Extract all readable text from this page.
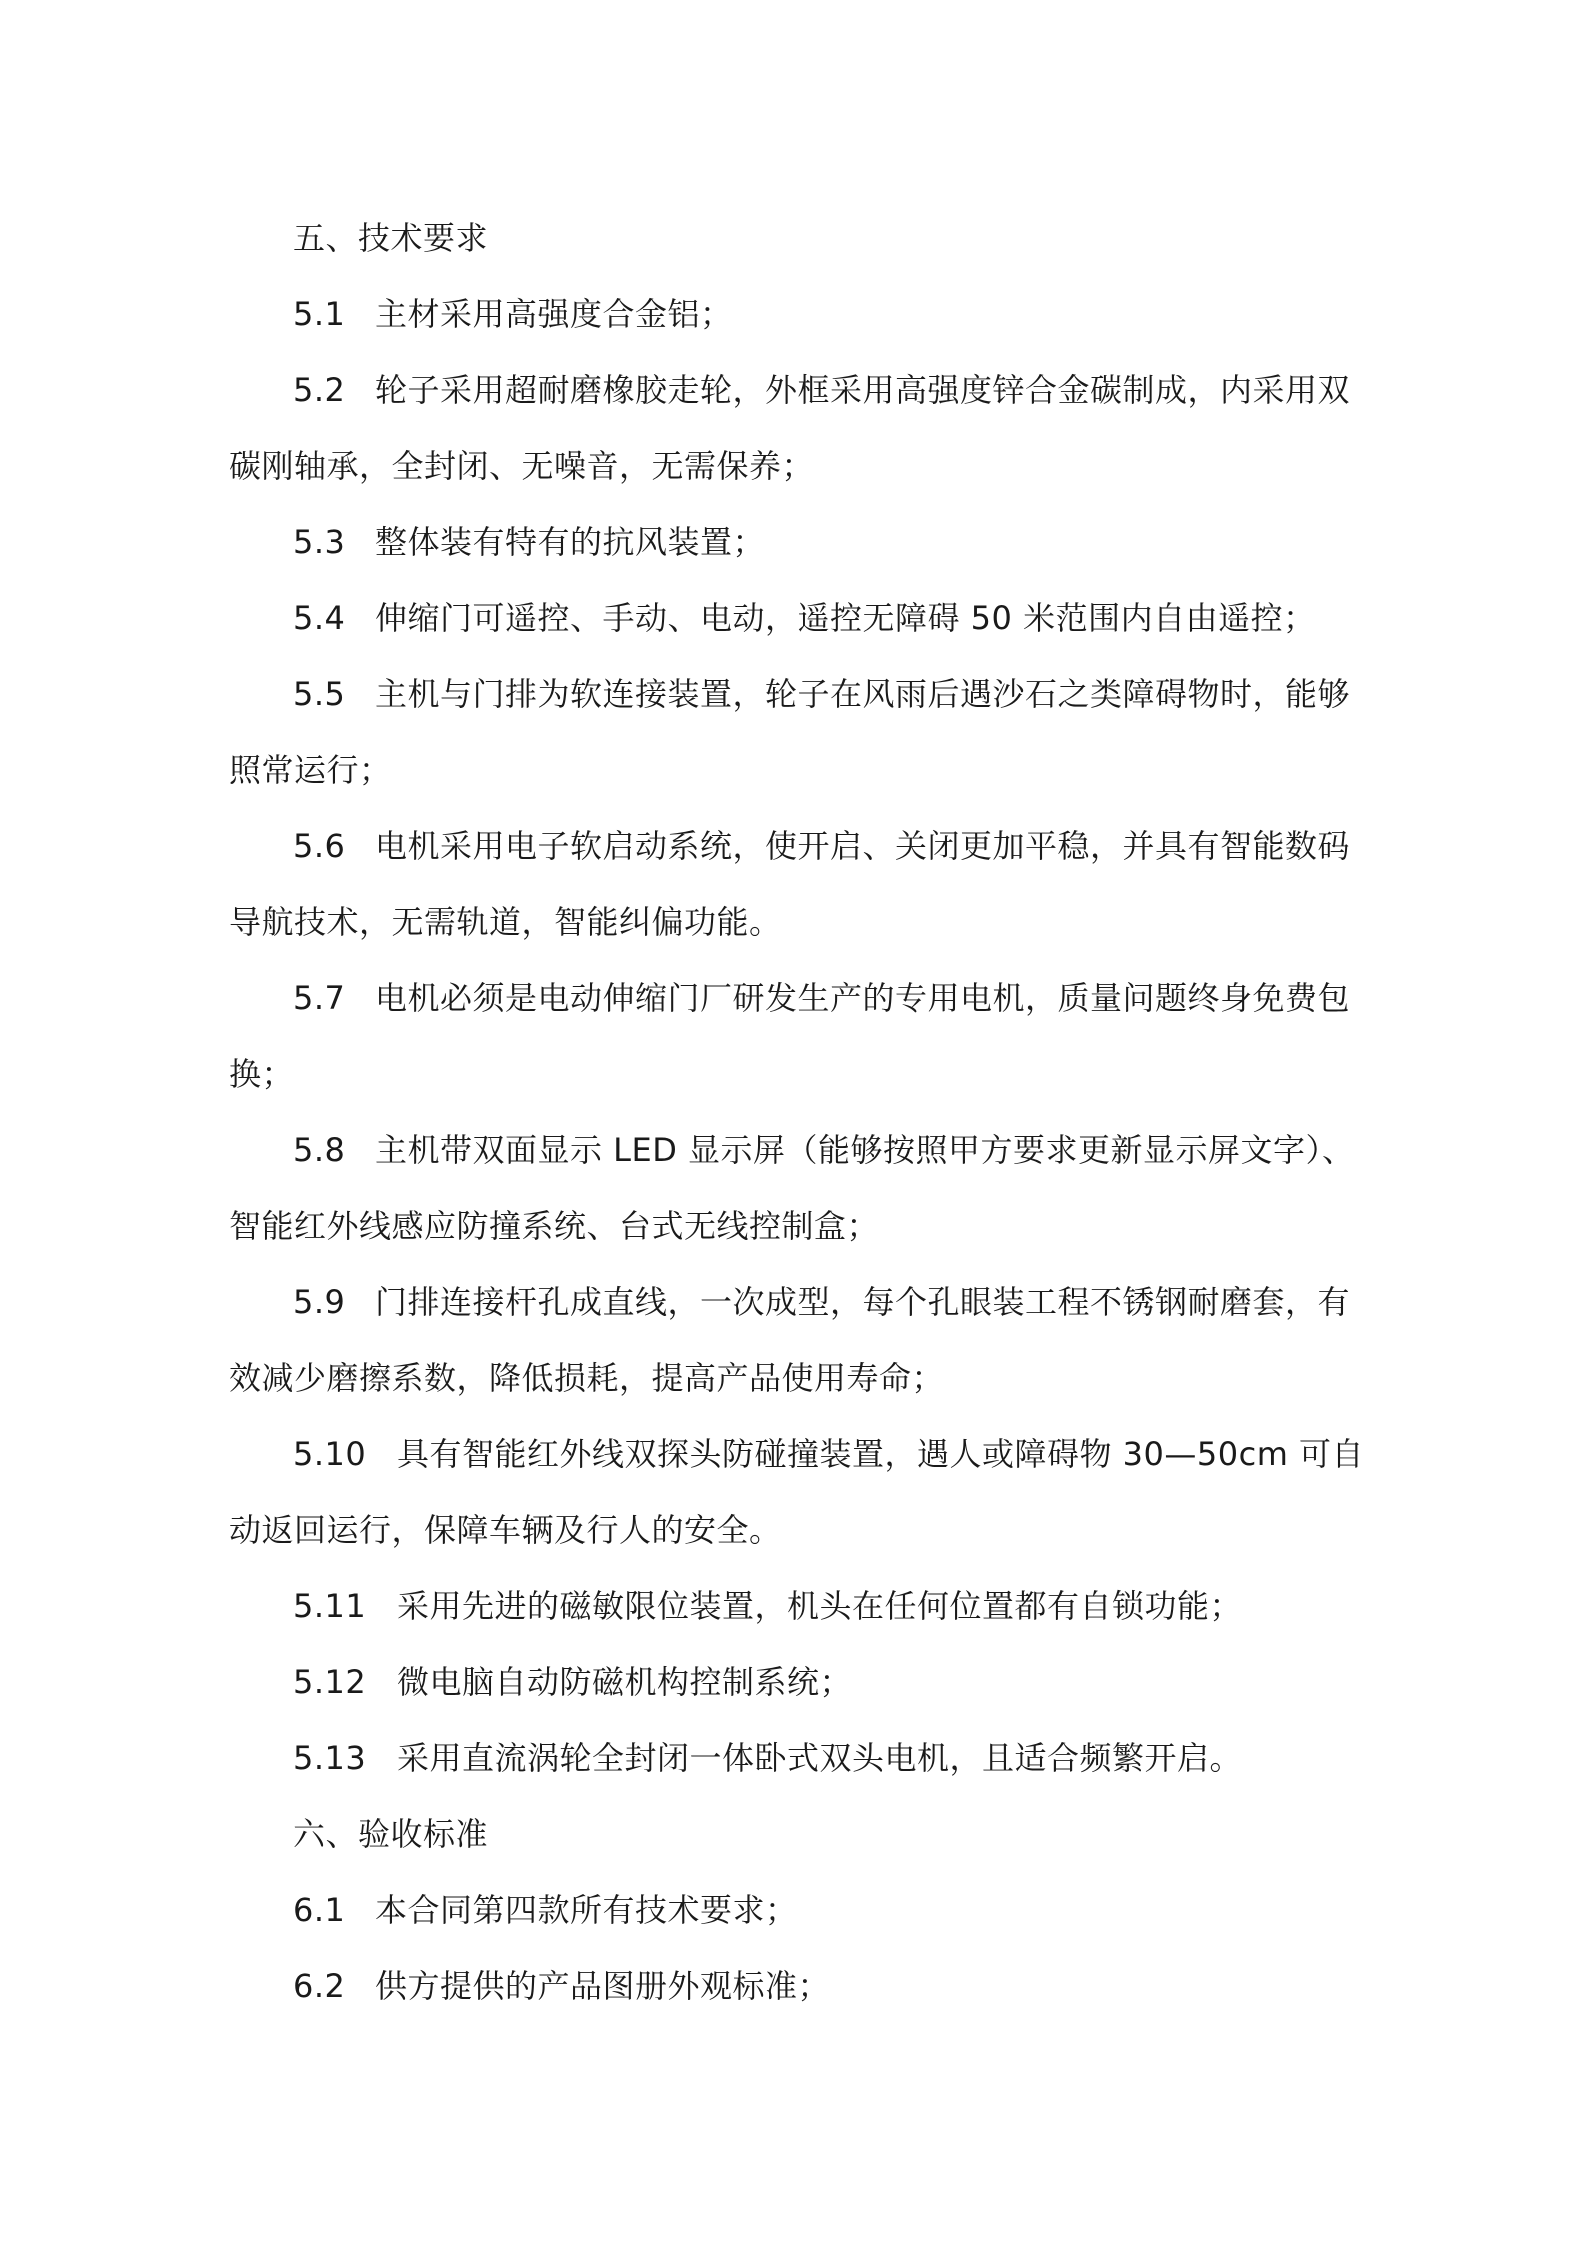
五、技术要求
5.1 主材采用高强度合金铝；
5.2 轮子采用超耐磨橡胶走轮，外框采用高强度锌合金碳制成，内采用双
碳刚轴承，全封闭、无噪音，无需保养；
5.3 整体装有特有的抗风装置；
5.4 伸缩门可遥控、手动、电动，遥控无障碍 50 米范围内自由遥控；
5.5 主机与门排为软连接装置，轮子在风雨后遇沙石之类障碍物时，能够
照常运行；
5.6 电机采用电子软启动系统，使开启、关闭更加平稳，并具有智能数码
导航技术，无需轨道，智能纠偏功能。
5.7 电机必须是电动伸缩门厂研发生产的专用电机，质量问题终身免费包
换；
5.8 主机带双面显示 LED 显示屏（能够按照甲方要求更新显示屏文字）、
智能红外线感应防撞系统、台式无线控制盒；
5.9 门排连接杆孔成直线，一次成型，每个孔眼装工程不锈钢耐磨套，有
效减少磨擦系数，降低损耗，提高产品使用寿命；
5.10 具有智能红外线双探头防碰撞装置，遇人或障碍物 30—50cm 可自
动返回运行，保障车辆及行人的安全。
5.11 采用先进的磁敏限位装置，机头在任何位置都有自锁功能；
5.12 微电脑自动防磁机构控制系统；
5.13 采用直流涡轮全封闭一体卧式双头电机，且适合频繁开启。
六、验收标准
6.1 本合同第四款所有技术要求；
6.2 供方提供的产品图册外观标准；
